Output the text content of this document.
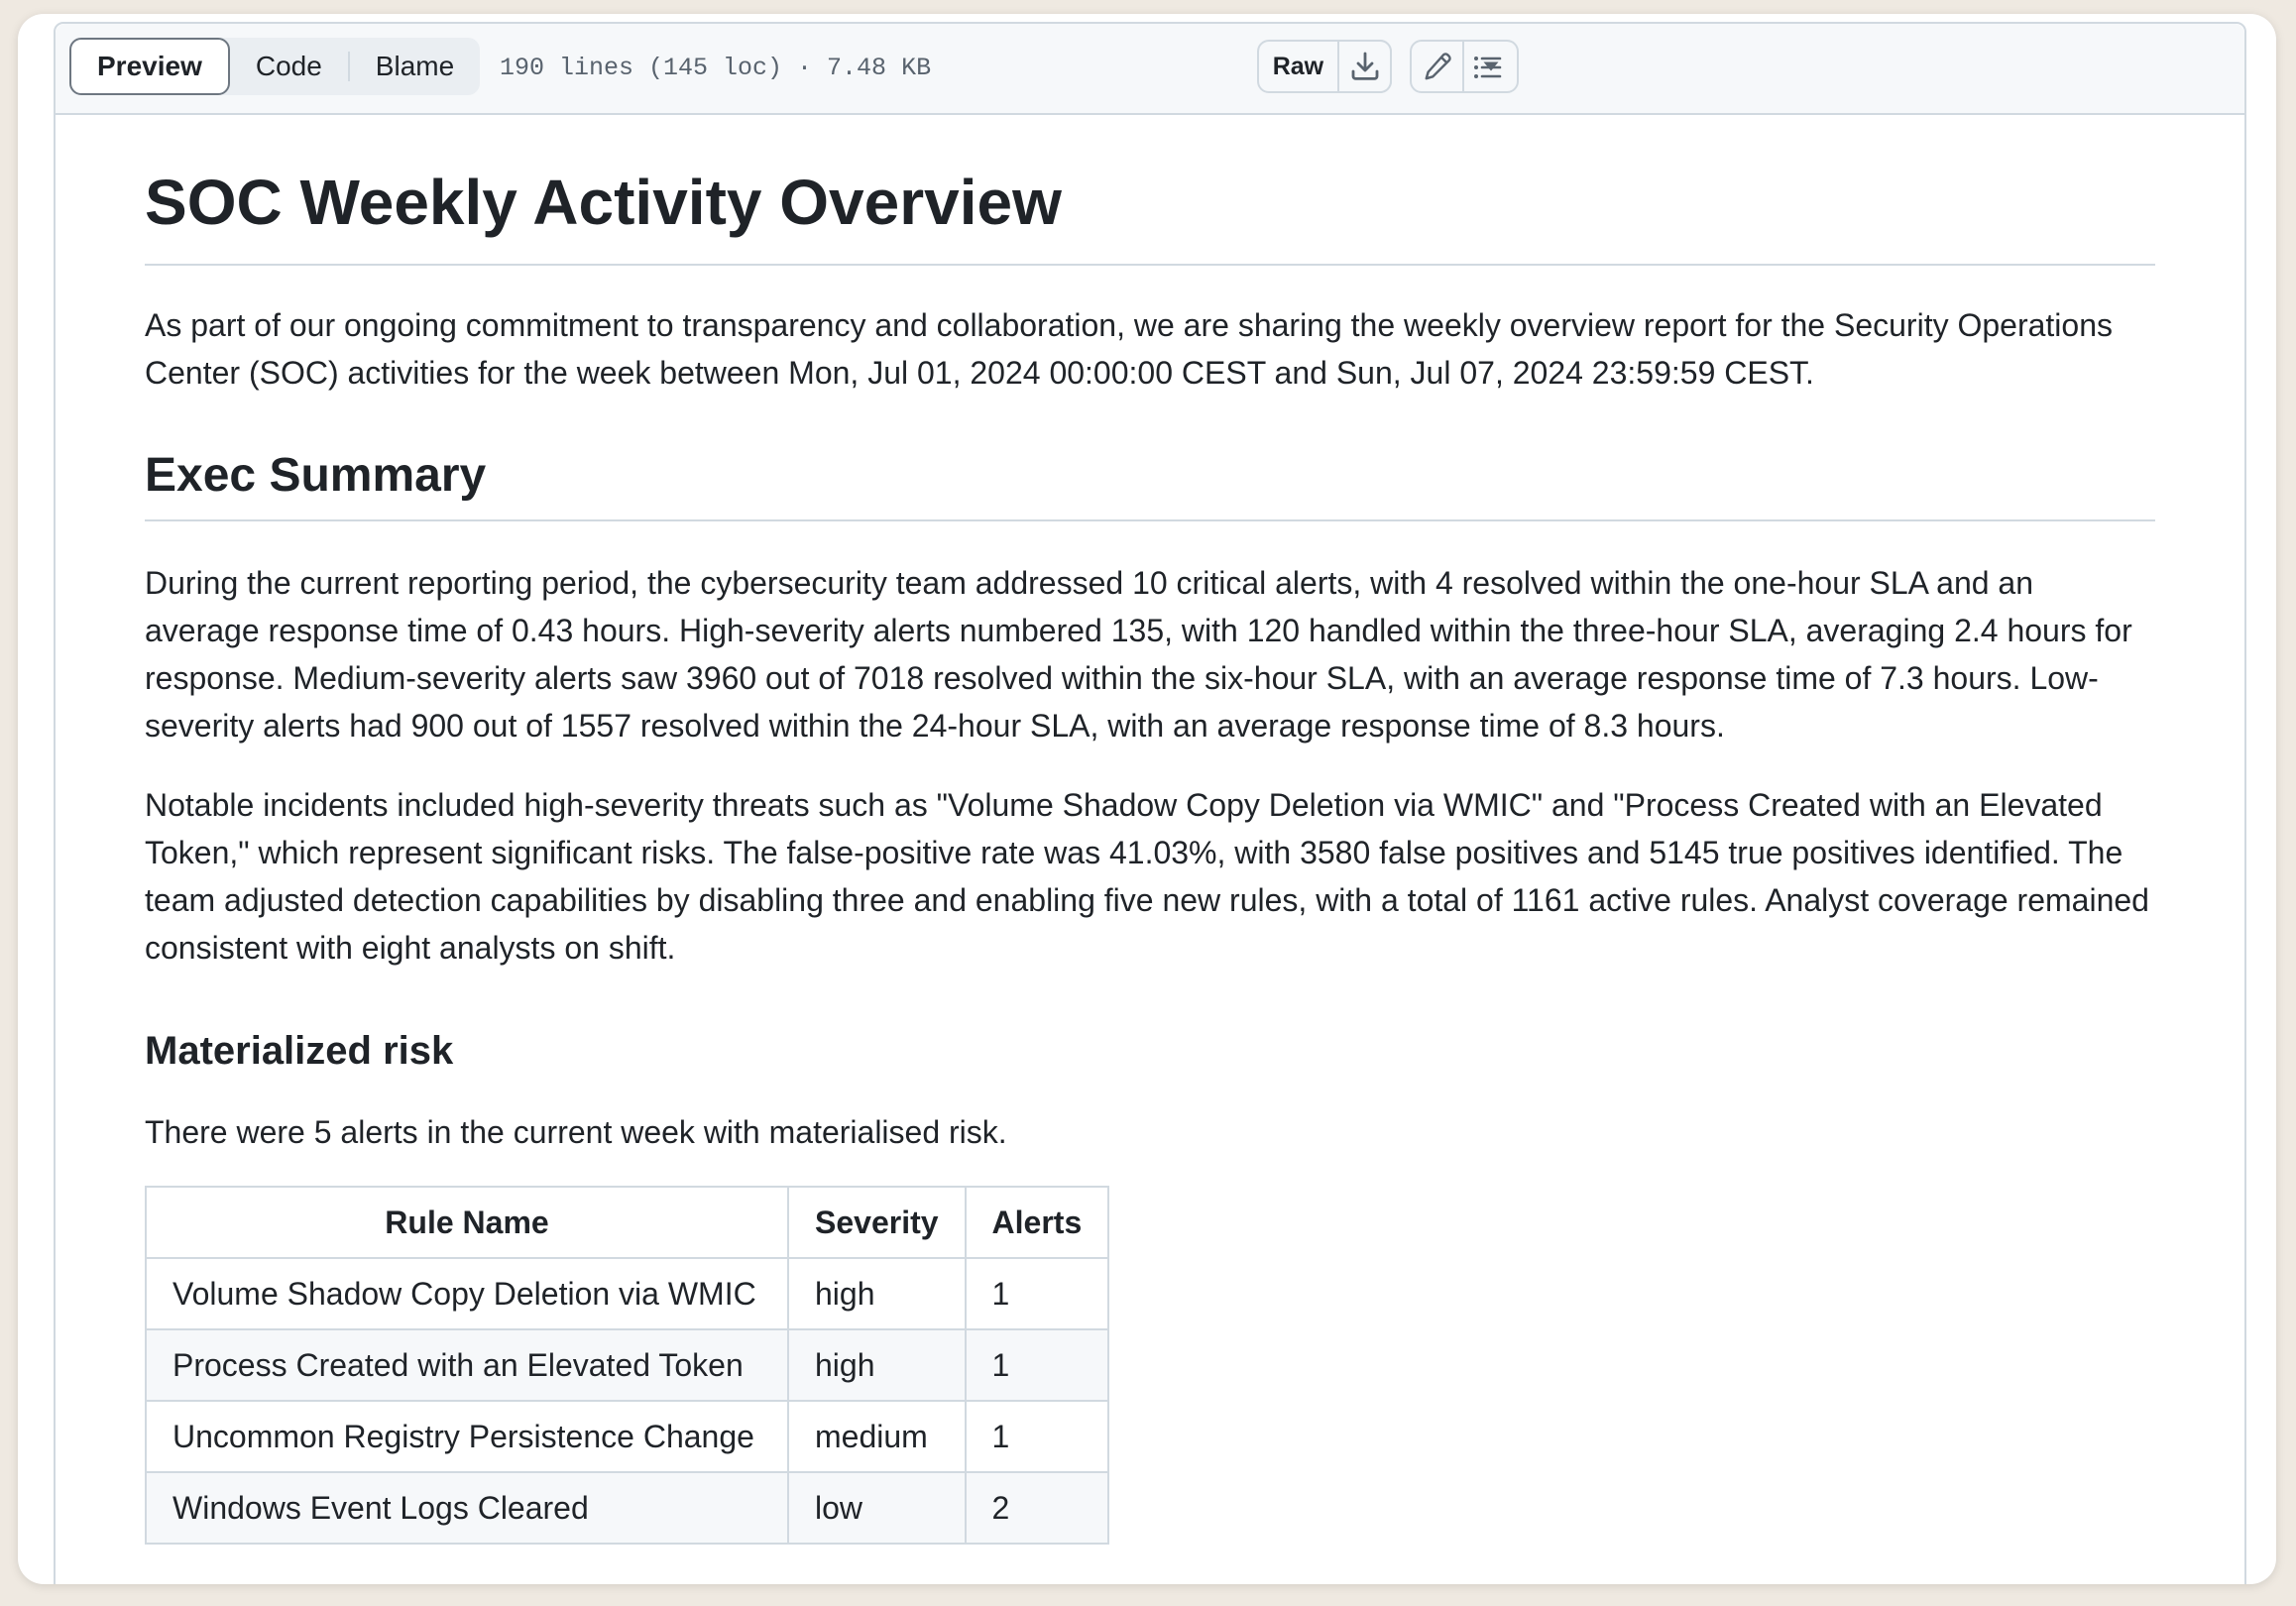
Preview	Code	Blame	190 lines (145 loc) · 7.48 KB	Raw
SOC Weekly Activity Overview

As part of our ongoing commitment to transparency and collaboration, we are sharing the weekly overview report for the Security Operations Center (SOC) activities for the week between Mon, Jul 01, 2024 00:00:00 CEST and Sun, Jul 07, 2024 23:59:59 CEST.

Exec Summary

During the current reporting period, the cybersecurity team addressed 10 critical alerts, with 4 resolved within the one-hour SLA and an average response time of 0.43 hours. High-severity alerts numbered 135, with 120 handled within the three-hour SLA, averaging 2.4 hours for response. Medium-severity alerts saw 3960 out of 7018 resolved within the six-hour SLA, with an average response time of 7.3 hours. Low-severity alerts had 900 out of 1557 resolved within the 24-hour SLA, with an average response time of 8.3 hours.

Notable incidents included high-severity threats such as "Volume Shadow Copy Deletion via WMIC" and "Process Created with an Elevated Token," which represent significant risks. The false-positive rate was 41.03%, with 3580 false positives and 5145 true positives identified. The team adjusted detection capabilities by disabling three and enabling five new rules, with a total of 1161 active rules. Analyst coverage remained consistent with eight analysts on shift.

Materialized risk

There were 5 alerts in the current week with materialised risk.

Rule Name	Severity	Alerts
Volume Shadow Copy Deletion via WMIC	high	1
Process Created with an Elevated Token	high	1
Uncommon Registry Persistence Change	medium	1
Windows Event Logs Cleared	low	2
